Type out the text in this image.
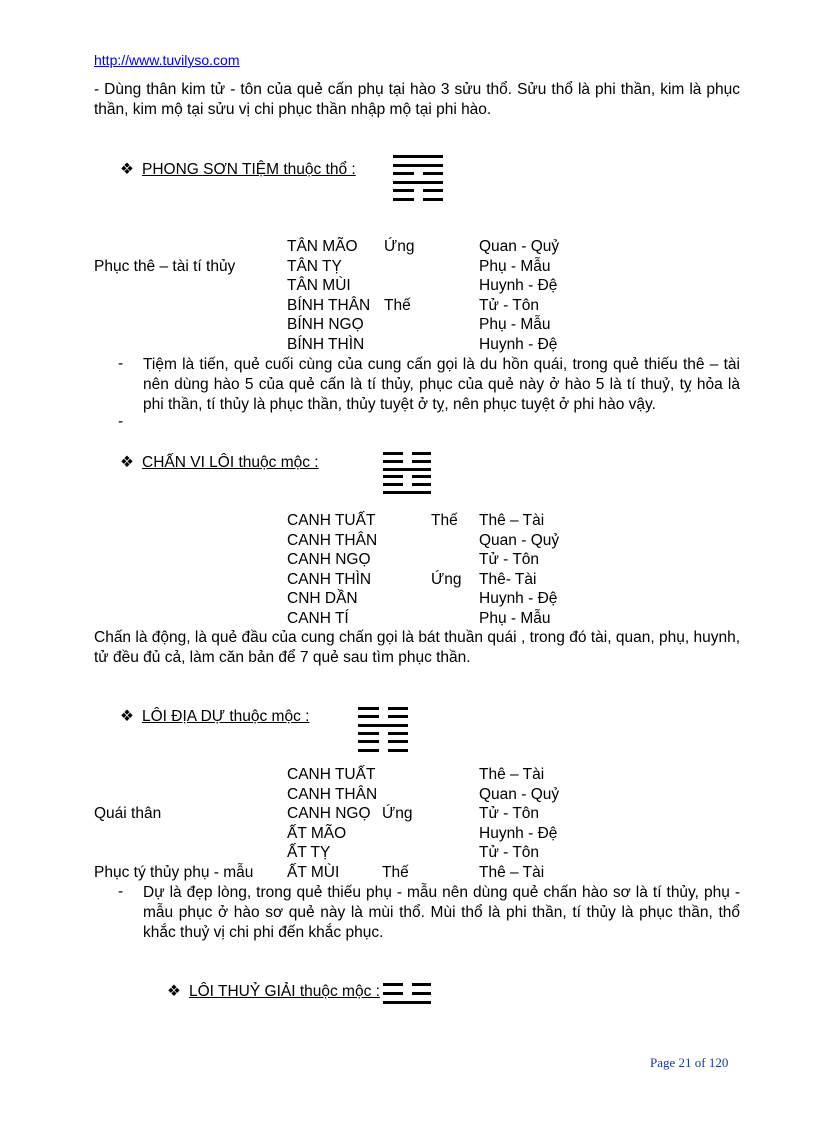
http://www.tuvilyso.com
- Dùng thân kim tử - tôn của quẻ cấn phụ tại hào 3 sửu thổ. Sửu thổ là phi thần, kim là phục thần, kim mộ tại sửu vị chi phục thần nhập mộ tại phi hào.
❖ PHONG SƠN TIỆM thuộc thổ :
TÂN MÃO Ứng	Quan - Quỷ
Phục thê – tài tí thủy	TÂN TỴ	Phụ - Mẫu
TÂN MÙI	Huynh - Đệ
BÍNH THÂN Thế	Tử - Tôn
BÍNH NGỌ	Phụ - Mẫu
BÍNH THÌN	Huynh - Đệ
- Tiệm là tiến, quẻ cuối cùng của cung cấn gọi là du hồn quái, trong quẻ thiếu thê – tài nên dùng hào 5 của quẻ cấn là tí thủy, phục của quẻ này ở hào 5 là tí thuỷ, tỵ hỏa là phi thần, tí thủy là phục thần, thủy tuyệt ở tỵ, nên phục tuyệt ở phi hào vậy.
-
❖ CHẤN VI LÔI thuộc mộc :
CANH TUẤT	Thế Thê – Tài
CANH THÂN	Quan - Quỷ
CANH NGỌ	Tử - Tôn
CANH THÌN	Ứng Thê- Tài
CNH DẦN	Huynh - Đệ
CANH TÍ	Phụ - Mẫu
Chấn là động, là quẻ đầu của cung chấn gọi là bát thuần quái , trong đó tài, quan, phụ, huynh, tử đều đủ cả, làm căn bản để 7 quẻ sau tìm phục thần.
❖ LÔI ĐỊA DỰ thuộc mộc :
CANH TUẤT	Thê – Tài
CANH THÂN	Quan - Quỷ
Quái thân	CANH NGỌ Ứng	Tử - Tôn
ẤT MÃO	Huynh - Đệ
ẤT TỴ	Tử - Tôn
Phục tý thủy phụ - mẫu ẤT MÙI	Thế	Thê – Tài
- Dự là đẹp lòng, trong quẻ thiếu phụ - mẫu nên dùng quẻ chấn hào sơ là tí thủy, phụ - mẫu phục ở hào sơ quẻ này là mùi thổ. Mùi thổ là phi thần, tí thủy là phục thần, thổ khắc thuỷ vị chi phi đến khắc phục.
❖ LÔI THUỶ GIẢI thuộc mộc :
Page 21 of 120
